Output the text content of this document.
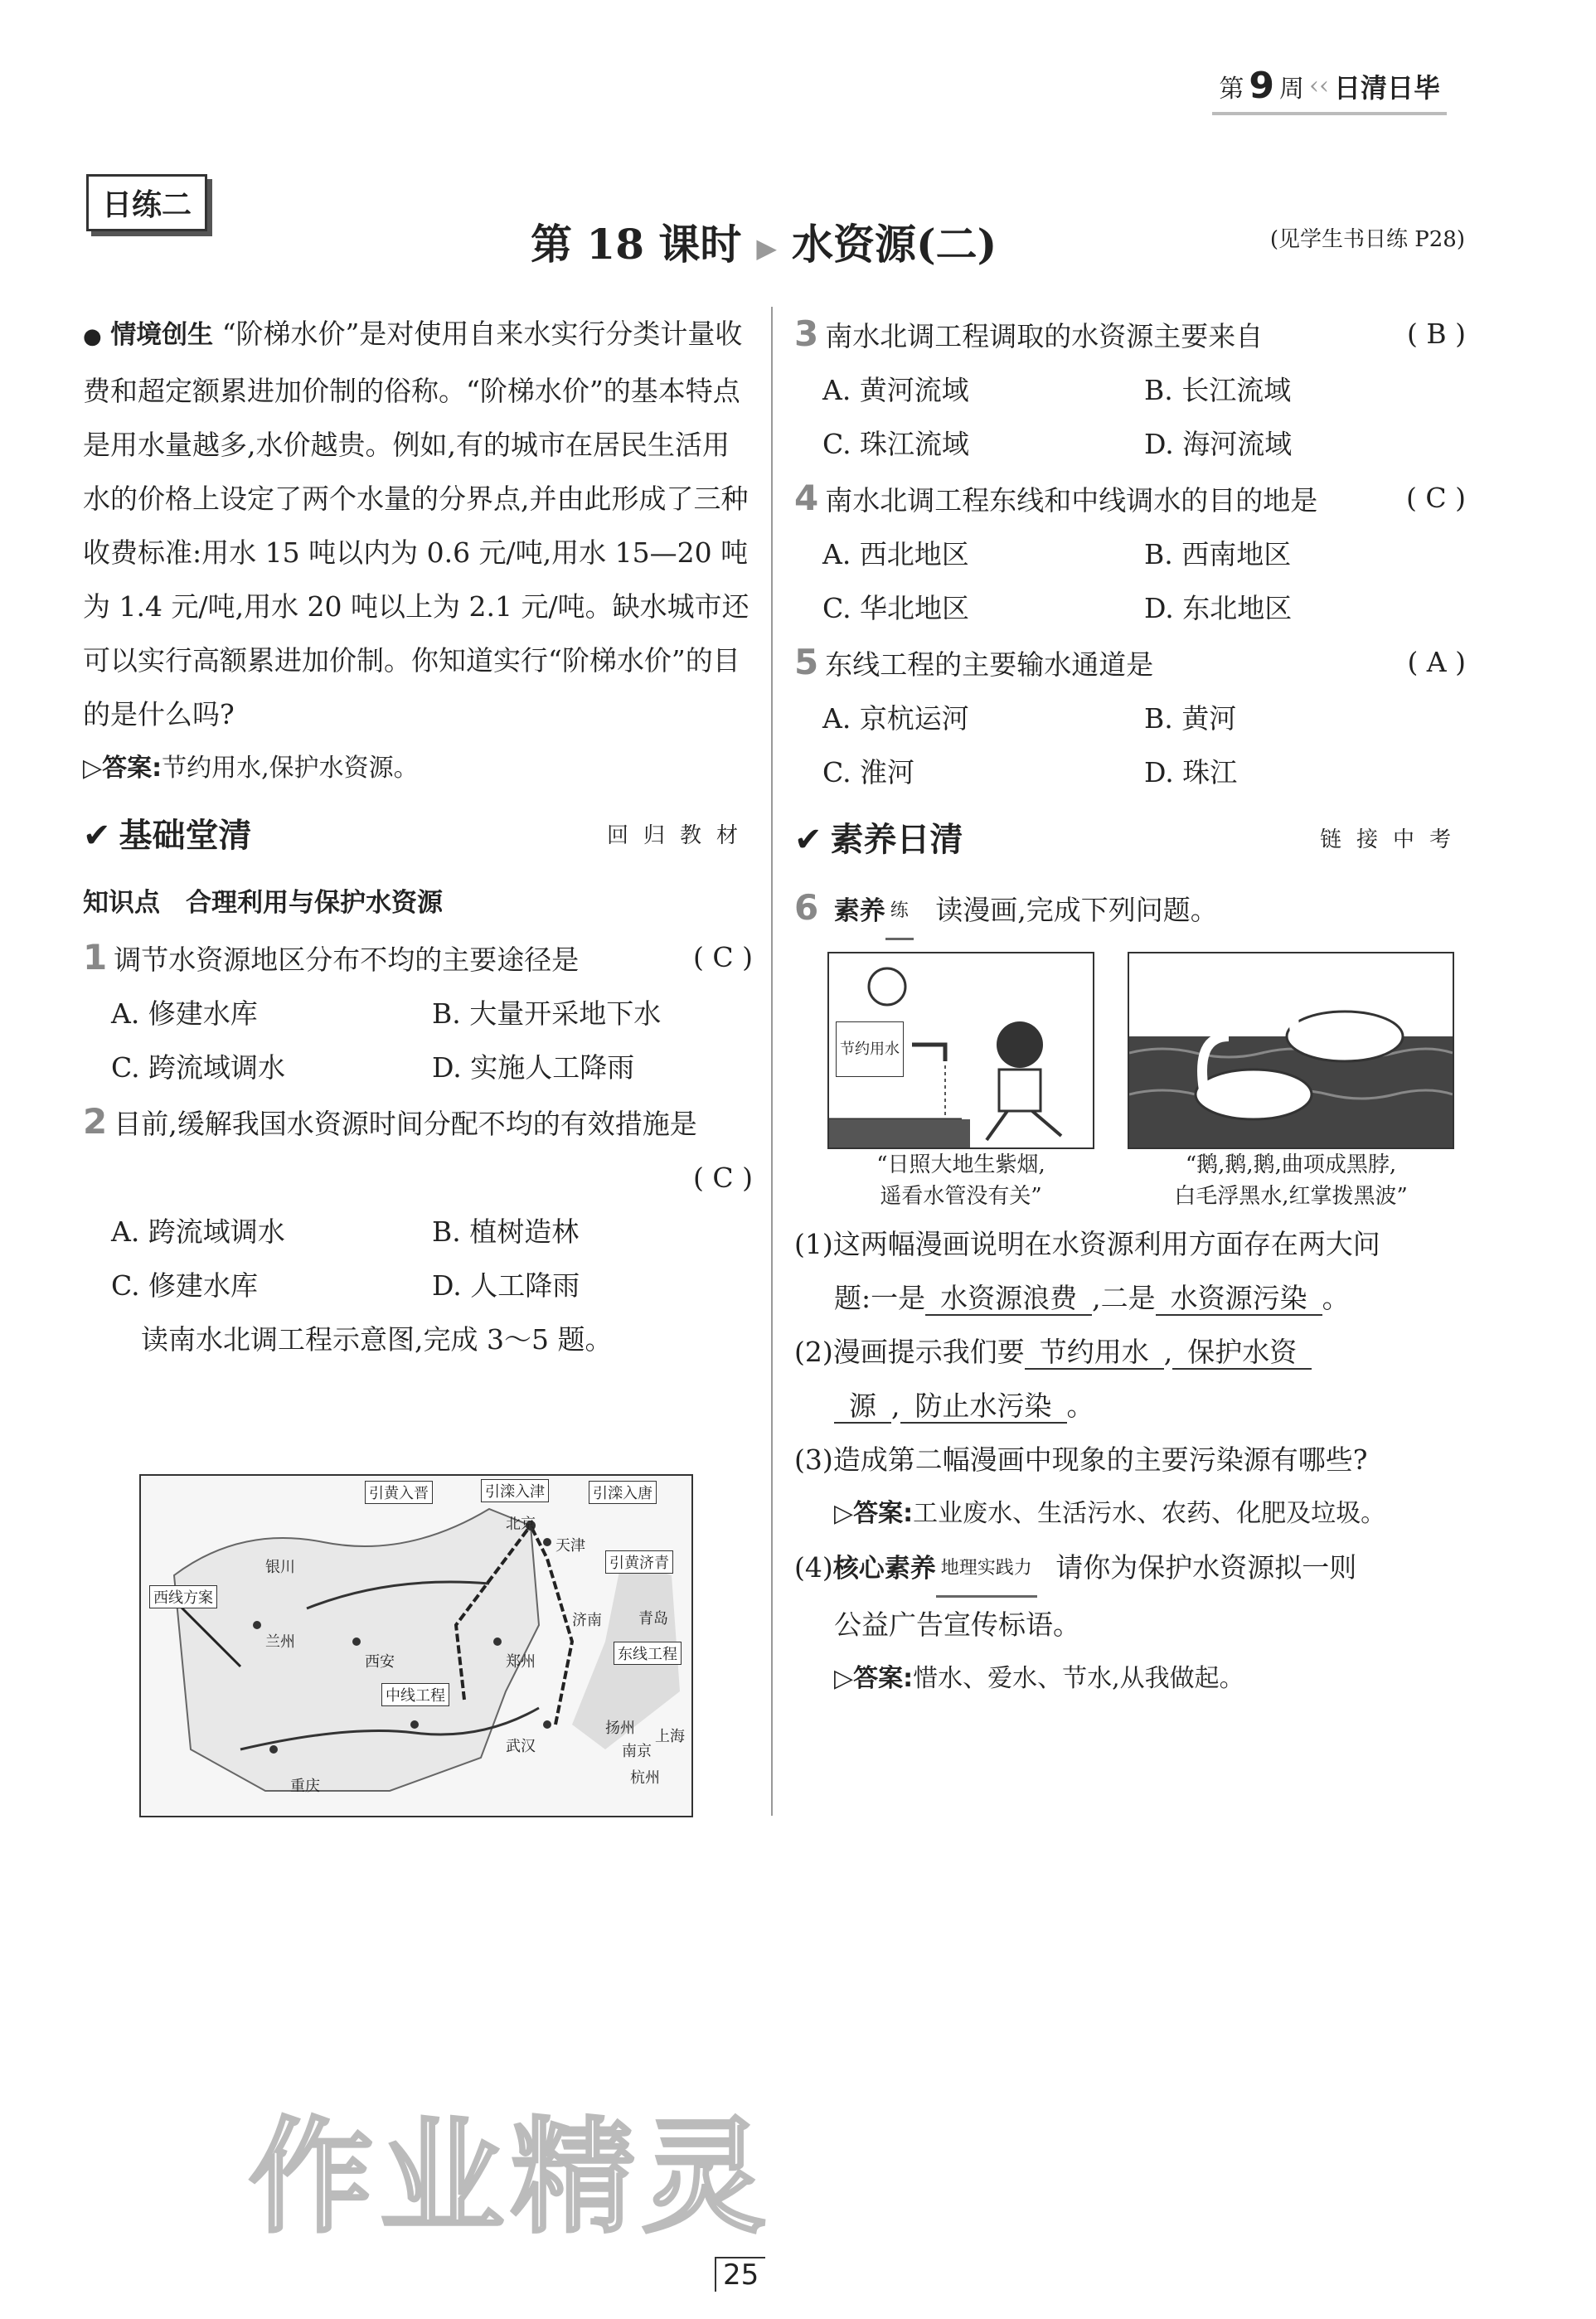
第 9 周 ‹‹ 日清日毕
日练二
第 18 课时 ▶ 水资源(二)	(见学生书日练 P28)
● 情境创生 “阶梯水价”是对使用自来水实行分类计量收费和超定额累进加价制的俗称。“阶梯水价”的基本特点是用水量越多,水价越贵。例如,有的城市在居民生活用水的价格上设定了两个水量的分界点,并由此形成了三种收费标准:用水 15 吨以内为 0.6 元/吨,用水 15—20 吨为 1.4 元/吨,用水 20 吨以上为 2.1 元/吨。缺水城市还可以实行高额累进加价制。你知道实行“阶梯水价”的目的是什么吗?
▷答案:节约用水,保护水资源。
✔ 基础堂清	回归教材
知识点　合理利用与保护水资源
1 调节水资源地区分布不均的主要途径是	( C )
A. 修建水库	B. 大量开采地下水
C. 跨流域调水	D. 实施人工降雨
2 目前,缓解我国水资源时间分配不均的有效措施是
( C )
A. 跨流域调水	B. 植树造林
C. 修建水库	D. 人工降雨
读南水北调工程示意图,完成 3～5 题。
引黄入晋	引滦入津	引滦入唐
北京
天津
引黄济青
西线方案
兰州
银川
西安	郑州
济南 青岛
东线工程
中线工程
武汉
扬州
南京
上海
杭州
重庆
3 南水北调工程调取的水资源主要来自	( B )
A. 黄河流域	B. 长江流域
C. 珠江流域	D. 海河流域
4 南水北调工程东线和中线调水的目的地是	( C )
A. 西北地区	B. 西南地区
C. 华北地区	D. 东北地区
5 东线工程的主要输水通道是	( A )
A. 京杭运河	B. 黄河
C. 淮河	D. 珠江
✔ 素养日清	链接中考
6 素养 练 读漫画,完成下列问题。
节约用水
“日照大地生紫烟,
遥看水管没有关”
“鹅,鹅,鹅,曲项成黑脖,
白毛浮黑水,红掌拨黑波”
(1)这两幅漫画说明在水资源利用方面存在两大问
题:一是 水资源浪费 ,二是 水资源污染 。
(2)漫画提示我们要 节约用水 , 保护水资
源 , 防止水污染 。
(3)造成第二幅漫画中现象的主要污染源有哪些?
▷答案:工业废水、生活污水、农药、化肥及垃圾。
(4)核心素养 地理实践力 请你为保护水资源拟一则
公益广告宣传标语。
▷答案:惜水、爱水、节水,从我做起。
作业精灵
25
